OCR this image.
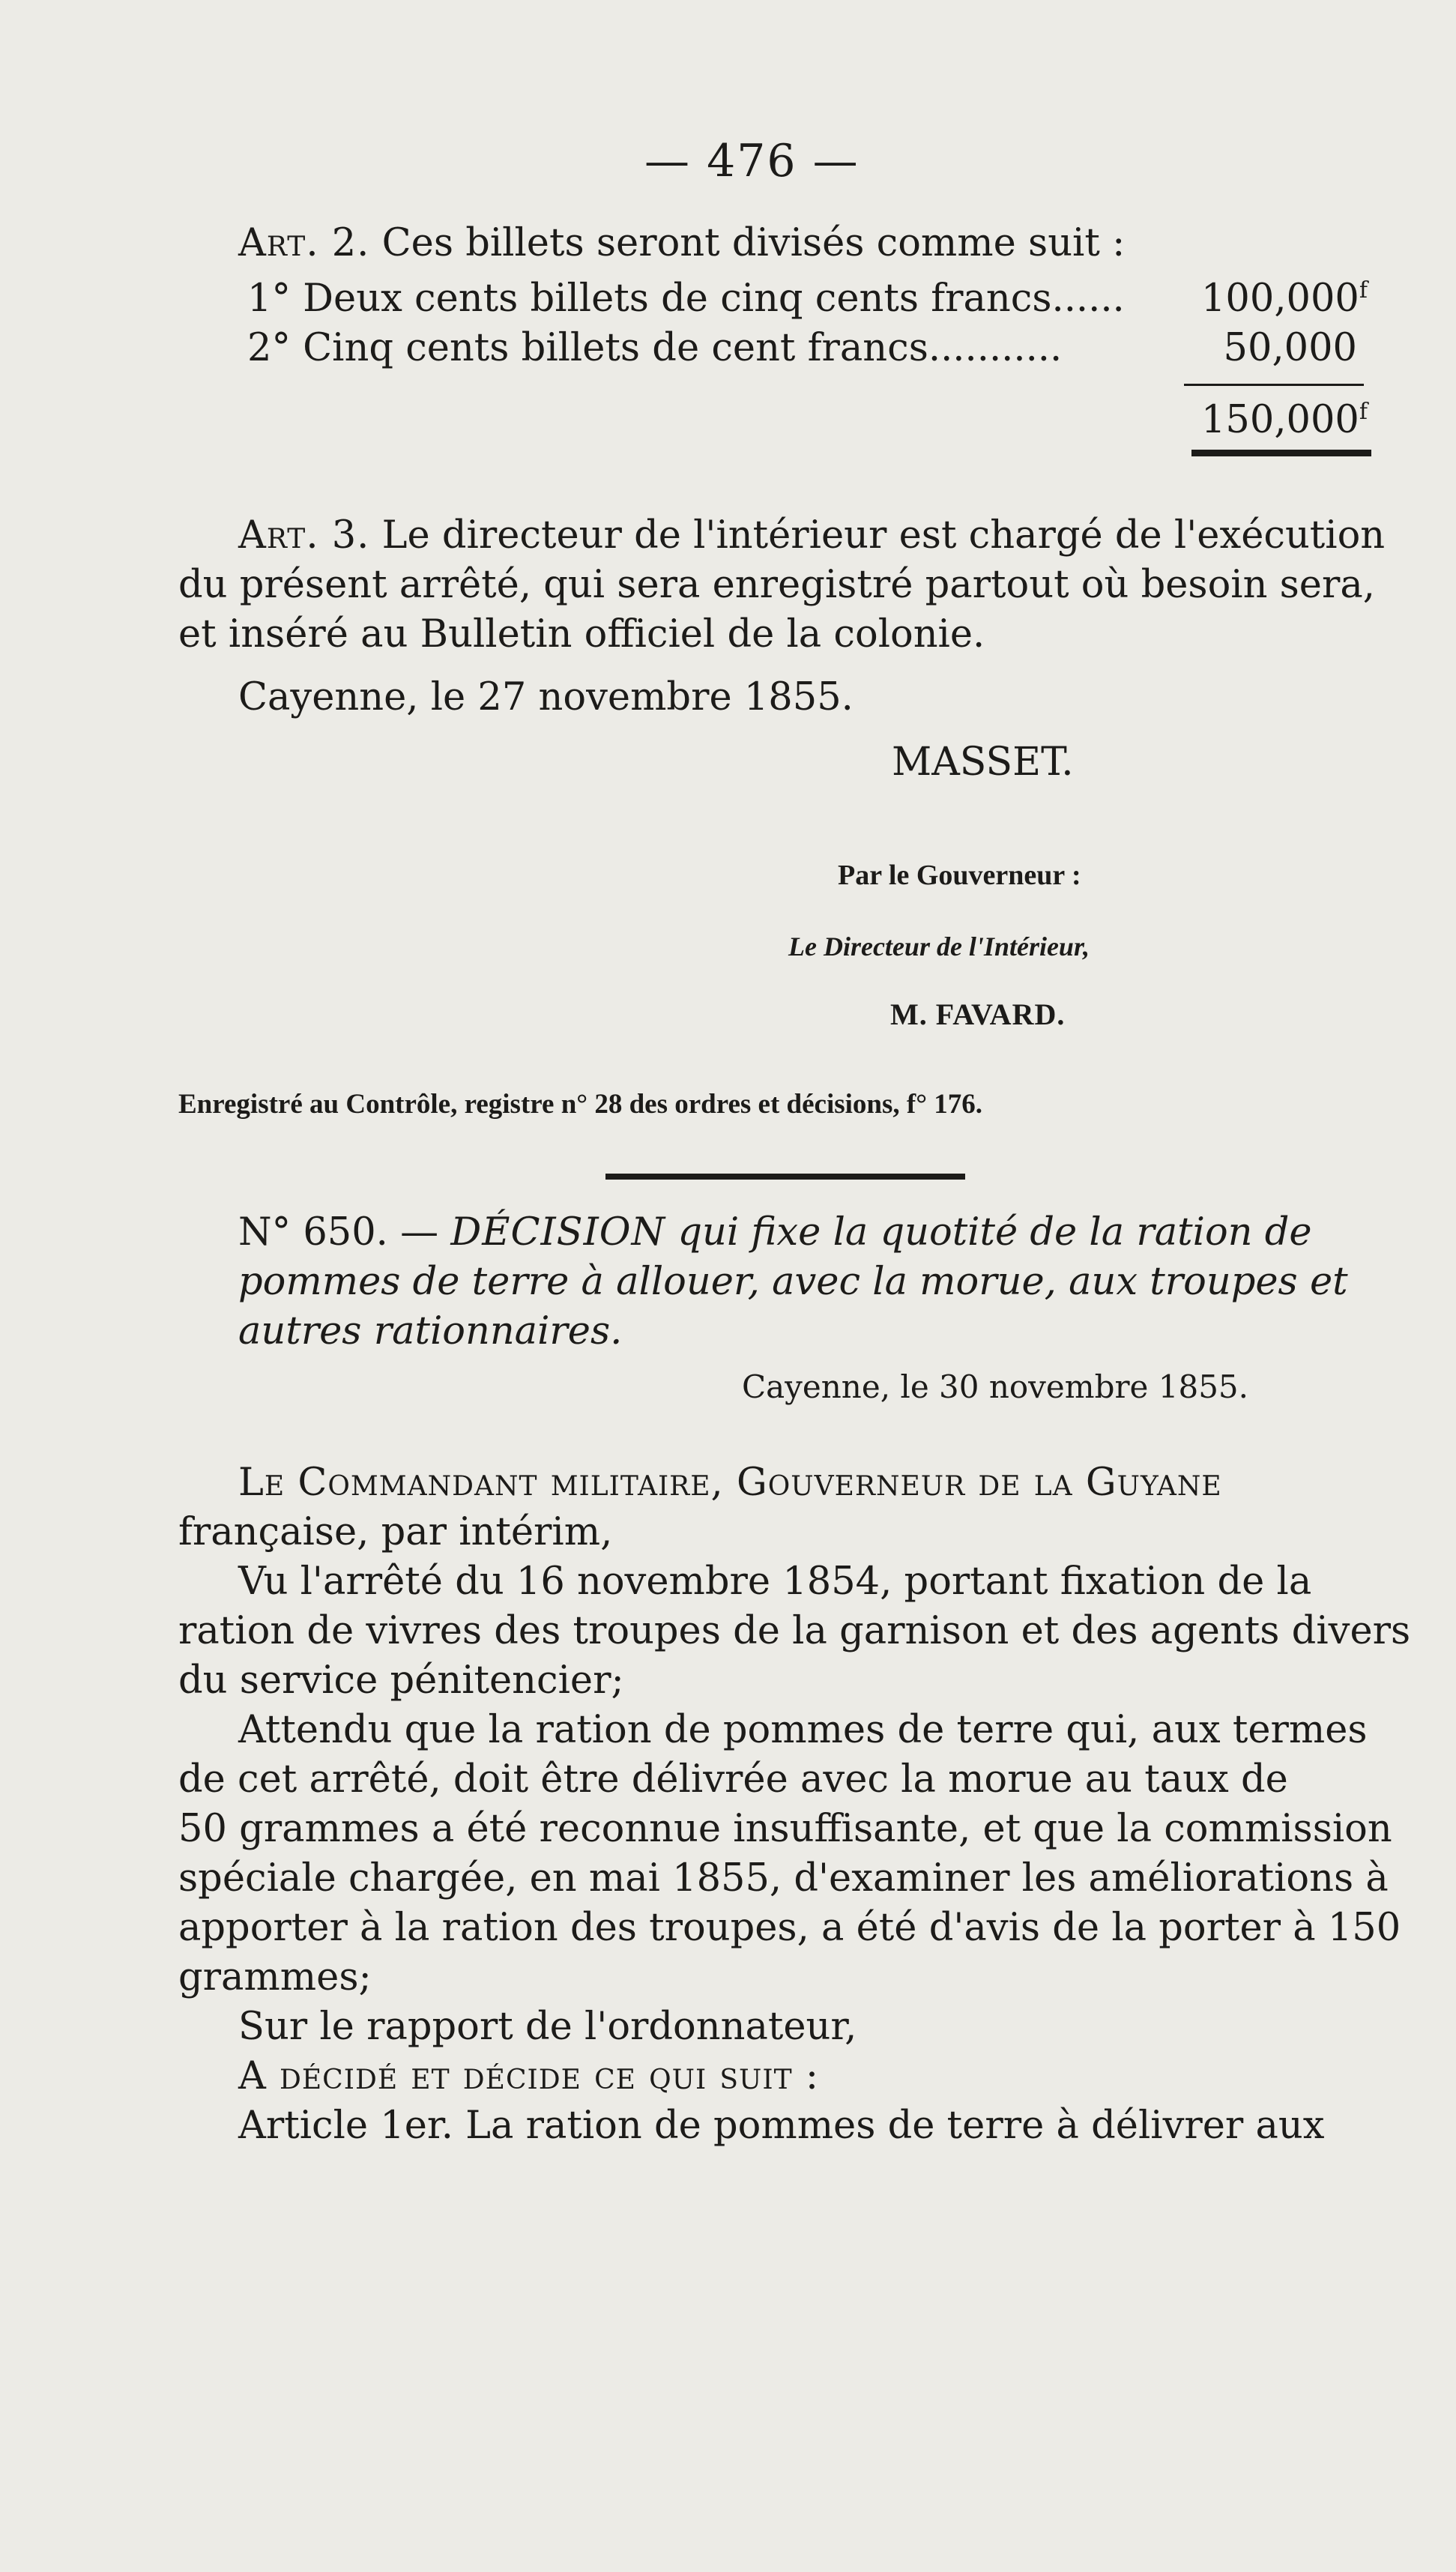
— 476 —
Art. 2. Ces billets seront divisés comme suit :
1° Deux cents billets de cinq cents francs...... 100,000$^f$
2° Cinq cents billets de cent francs...........	50,000
150,000$^f$
Art. 3. Le directeur de l'intérieur est chargé de l'exécution
du présent arrêté, qui sera enregistré partout où besoin sera,
et inséré au Bulletin officiel de la colonie.
Cayenne, le 27 novembre 1855.
MASSET.
Par le Gouverneur :
Le Directeur de l'Intérieur,
M. FAVARD.
Enregistré au Contrôle, registre n° 28 des ordres et décisions, f° 176.
N° 650. — DÉCISION qui fixe la quotité de la ration de
pommes de terre à allouer, avec la morue, aux troupes et
autres rationnaires.
Cayenne, le 30 novembre 1855.
Le Commandant militaire, Gouverneur de la Guyane
française, par intérim,
Vu l'arrêté du 16 novembre 1854, portant fixation de la
ration de vivres des troupes de la garnison et des agents divers
du service pénitencier;
Attendu que la ration de pommes de terre qui, aux termes
de cet arrêté, doit être délivrée avec la morue au taux de
50 grammes a été reconnue insuffisante, et que la commission
spéciale chargée, en mai 1855, d'examiner les améliorations à
apporter à la ration des troupes, a été d'avis de la porter à 150
grammes;
Sur le rapport de l'ordonnateur,
A décidé et décide ce qui suit :
Article 1er. La ration de pommes de terre à délivrer aux
